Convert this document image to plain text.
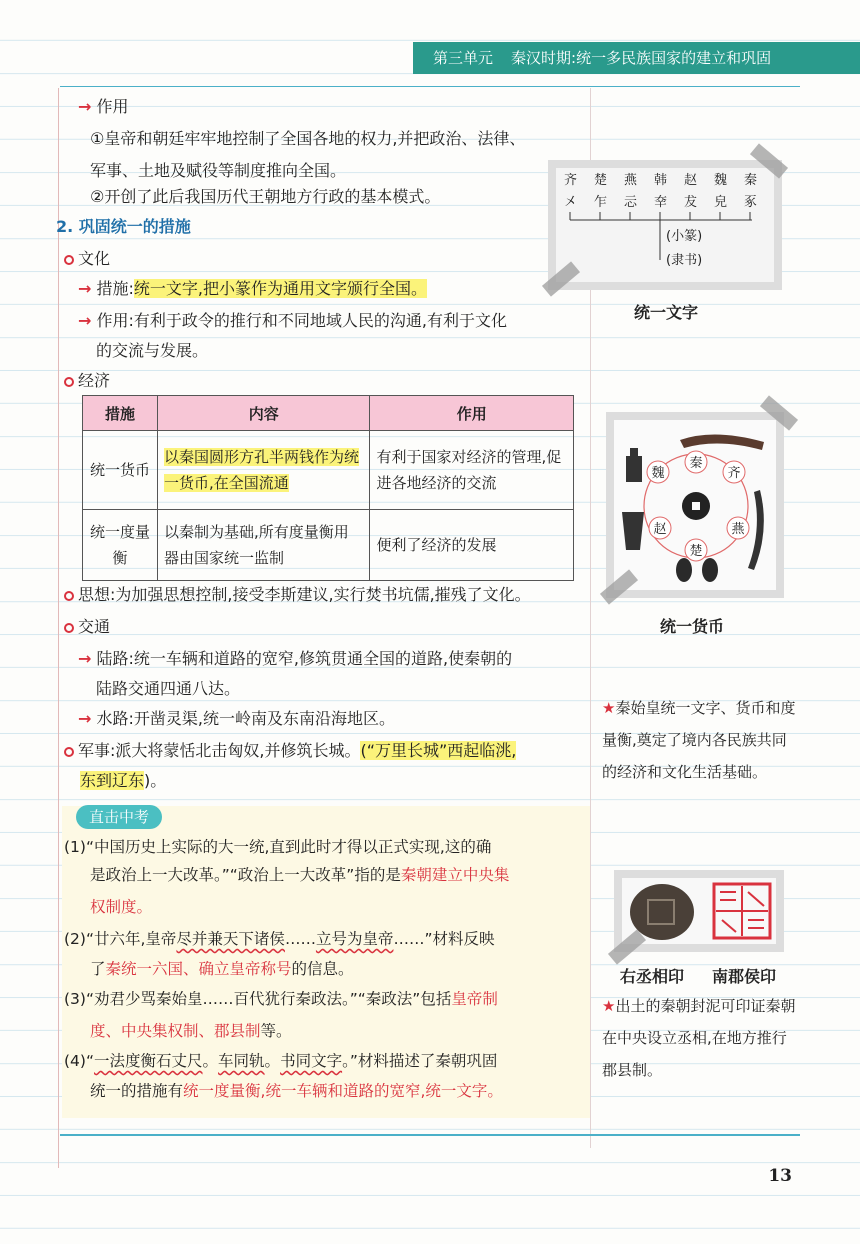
第三单元 秦汉时期:统一多民族国家的建立和巩固
→ 作用
①皇帝和朝廷牢牢地控制了全国各地的权力,并把政治、法律、
军事、土地及赋役等制度推向全国。
②开创了此后我国历代王朝地方行政的基本模式。
2. 巩固统一的措施
文化
→ 措施:统一文字,把小篆作为通用文字颁行全国。
→ 作用:有利于政令的推行和不同地域人民的沟通,有利于文化
的交流与发展。
经济
措施	内容	作用
统一货币	以秦国圆形方孔半两钱作为统一货币,在全国流通	有利于国家对经济的管理,促进各地经济的交流
统一度量衡	以秦制为基础,所有度量衡用器由国家统一监制	便利了经济的发展
思想:为加强思想控制,接受李斯建议,实行焚书坑儒,摧残了文化。
交通
→ 陆路:统一车辆和道路的宽窄,修筑贯通全国的道路,使秦朝的
陆路交通四通八达。
→ 水路:开凿灵渠,统一岭南及东南沿海地区。
军事:派大将蒙恬北击匈奴,并修筑长城。(“万里长城”西起临洮,
东到辽东)。
直击中考
(1)“中国历史上实际的大一统,直到此时才得以正式实现,这的确
是政治上一大改革。”“政治上一大改革”指的是秦朝建立中央集
权制度。
(2)“廿六年,皇帝尽并兼天下诸侯……立号为皇帝……”材料反映
了秦统一六国、确立皇帝称号的信息。
(3)“劝君少骂秦始皇……百代犹行秦政法。”“秦政法”包括皇帝制
度、中央集权制、郡县制等。
(4)“一法度衡石丈尺。车同轨。书同文字。”材料描述了秦朝巩固
统一的措施有统一度量衡,统一车辆和道路的宽窄,统一文字。
齐 楚 燕 韩 赵 魏 秦
㐅 乍 忈 㚔 犮 皃 豖
(小篆)
(隶书)
统一文字
魏
秦
齐
赵	燕
楚
统一货币
★秦始皇统一文字、货币和度量衡,奠定了境内各民族共同的经济和文化生活基础。
右丞相印 南郡侯印
★出土的秦朝封泥可印证秦朝在中央设立丞相,在地方推行郡县制。
13
